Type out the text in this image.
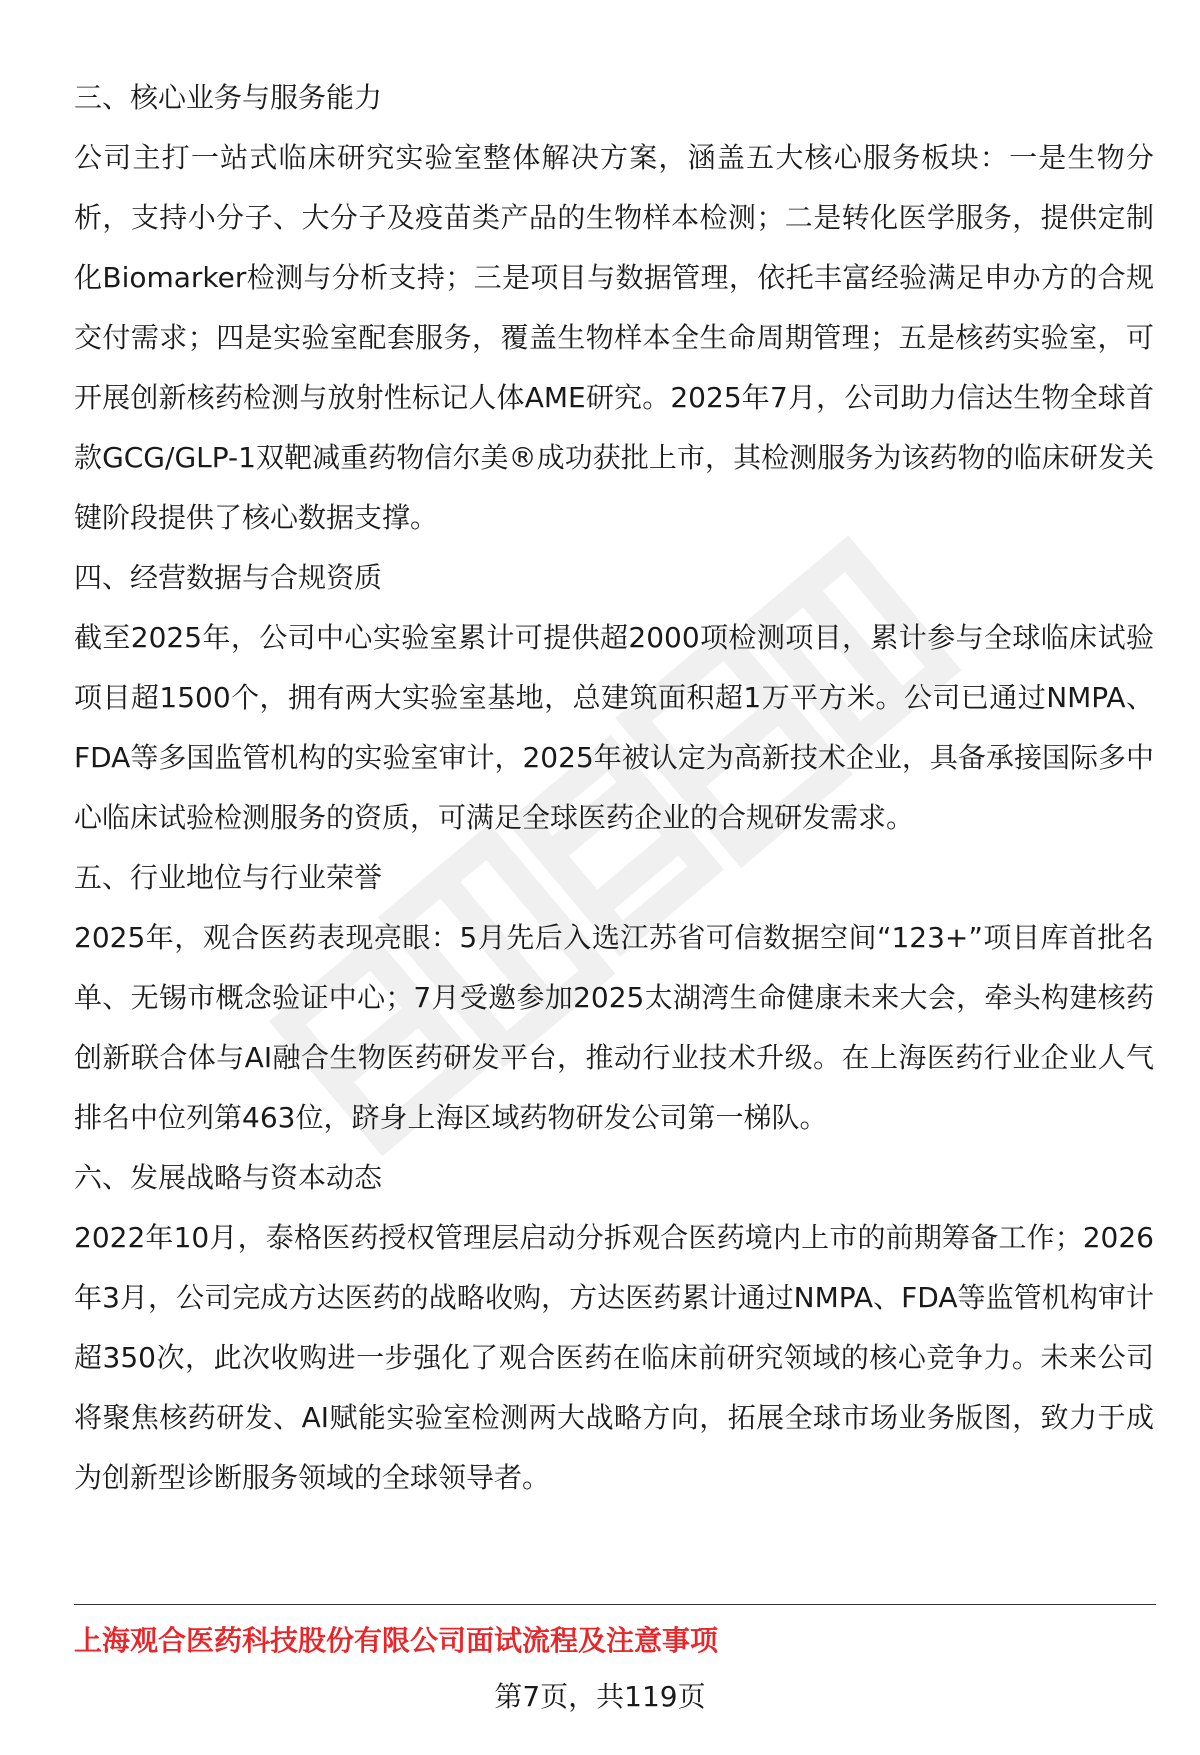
三、核心业务与服务能力

公司主打一站式临床研究实验室整体解决方案，涵盖五大核心服务板块：一是生物分析，支持小分子、大分子及疫苗类产品的生物样本检测；二是转化医学服务，提供定制化Biomarker检测与分析支持；三是项目与数据管理，依托丰富经验满足申办方的合规交付需求；四是实验室配套服务，覆盖生物样本全生命周期管理；五是核药实验室，可开展创新核药检测与放射性标记人体AME研究。2025年7月，公司助力信达生物全球首款GCG/GLP-1双靶减重药物信尔美®成功获批上市，其检测服务为该药物的临床研发关键阶段提供了核心数据支撑。

四、经营数据与合规资质

截至2025年，公司中心实验室累计可提供超2000项检测项目，累计参与全球临床试验项目超1500个，拥有两大实验室基地，总建筑面积超1万平方米。公司已通过NMPA、FDA等多国监管机构的实验室审计，2025年被认定为高新技术企业，具备承接国际多中心临床试验检测服务的资质，可满足全球医药企业的合规研发需求。

五、行业地位与行业荣誉

2025年，观合医药表现亮眼：5月先后入选江苏省可信数据空间“123+”项目库首批名单、无锡市概念验证中心；7月受邀参加2025太湖湾生命健康未来大会，牵头构建核药创新联合体与AI融合生物医药研发平台，推动行业技术升级。在上海医药行业企业人气排名中位列第463位，跻身上海区域药物研发公司第一梯队。

六、发展战略与资本动态

2022年10月，泰格医药授权管理层启动分拆观合医药境内上市的前期筹备工作；2026年3月，公司完成方达医药的战略收购，方达医药累计通过NMPA、FDA等监管机构审计超350次，此次收购进一步强化了观合医药在临床前研究领域的核心竞争力。未来公司将聚焦核药研发、AI赋能实验室检测两大战略方向，拓展全球市场业务版图，致力于成为创新型诊断服务领域的全球领导者。

上海观合医药科技股份有限公司面试流程及注意事项
第7页，共119页
